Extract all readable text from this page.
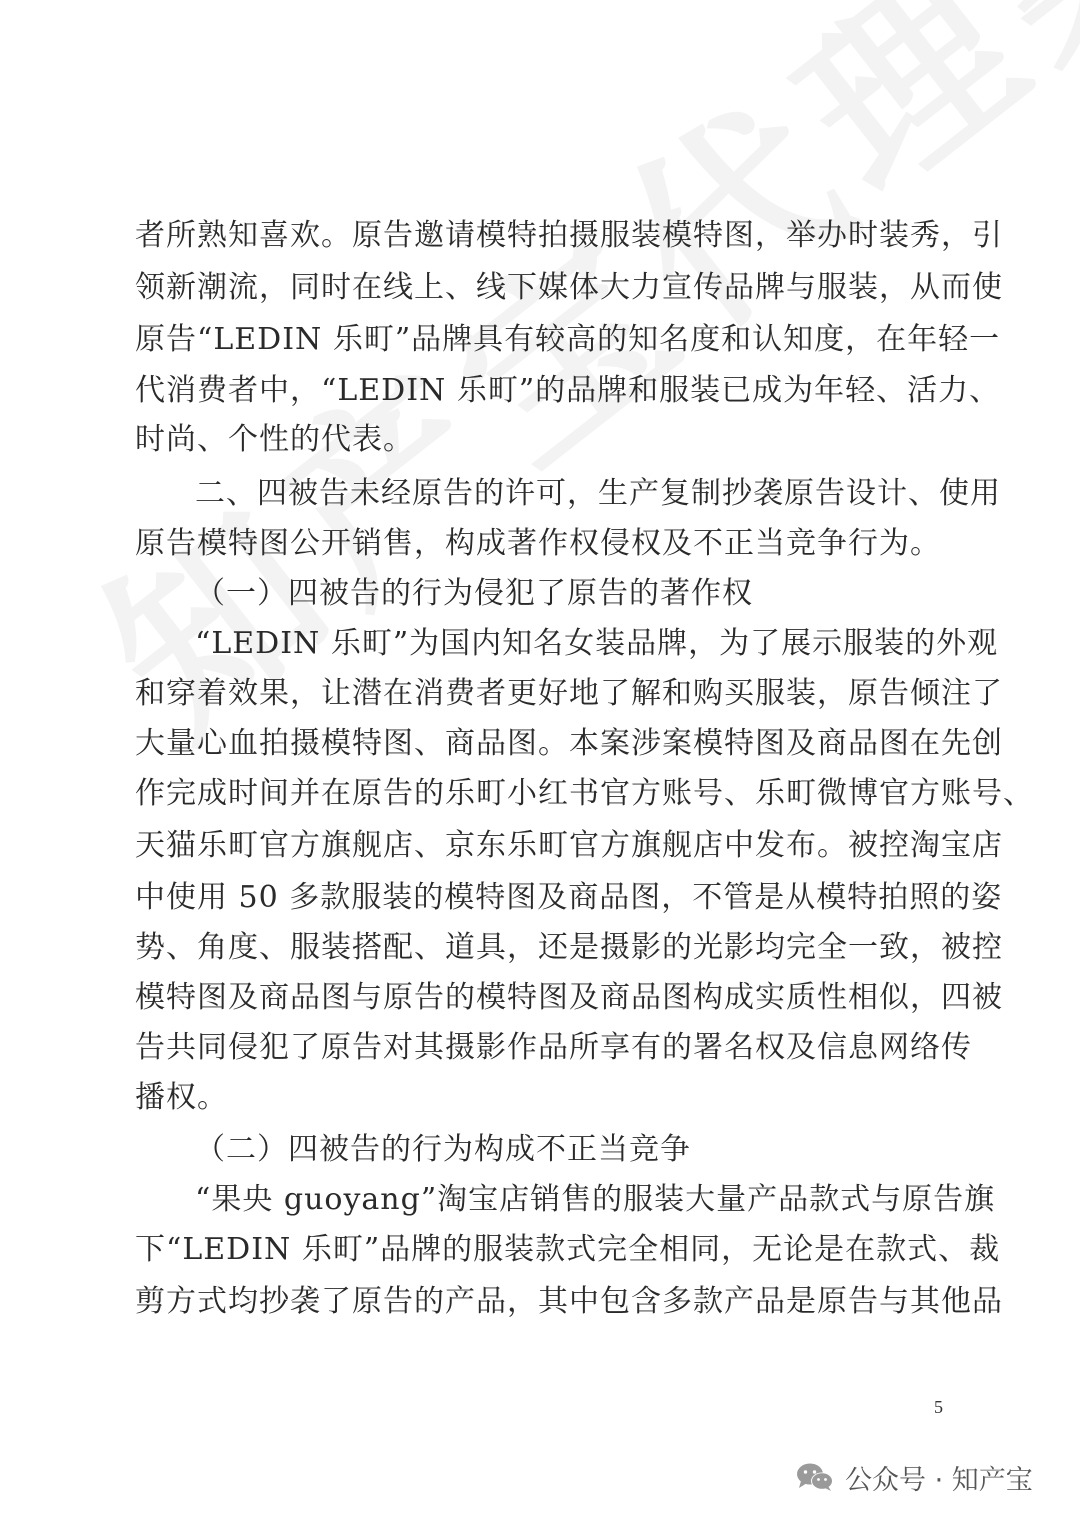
者所熟知喜欢。原告邀请模特拍摄服装模特图，举办时装秀，引

领新潮流，同时在线上、线下媒体大力宣传品牌与服装，从而使

原告“LEDIN 乐町”品牌具有较高的知名度和认知度，在年轻一

代消费者中，“LEDIN 乐町”的品牌和服装已成为年轻、活力、

时尚、个性的代表。

二、四被告未经原告的许可，生产复制抄袭原告设计、使用

原告模特图公开销售，构成著作权侵权及不正当竞争行为。

（一）四被告的行为侵犯了原告的著作权

“LEDIN 乐町”为国内知名女装品牌，为了展示服装的外观

和穿着效果，让潜在消费者更好地了解和购买服装，原告倾注了

大量心血拍摄模特图、商品图。本案涉案模特图及商品图在先创

作完成时间并在原告的乐町小红书官方账号、乐町微博官方账号、

天猫乐町官方旗舰店、京东乐町官方旗舰店中发布。被控淘宝店

中使用 50 多款服装的模特图及商品图，不管是从模特拍照的姿

势、角度、服装搭配、道具，还是摄影的光影均完全一致，被控

模特图及商品图与原告的模特图及商品图构成实质性相似，四被

告共同侵犯了原告对其摄影作品所享有的署名权及信息网络传

播权。

（二）四被告的行为构成不正当竞争

“果央 guoyang”淘宝店销售的服装大量产品款式与原告旗

下“LEDIN 乐町”品牌的服装款式完全相同，无论是在款式、裁

剪方式均抄袭了原告的产品，其中包含多款产品是原告与其他品

5
公众号 · 知产宝
